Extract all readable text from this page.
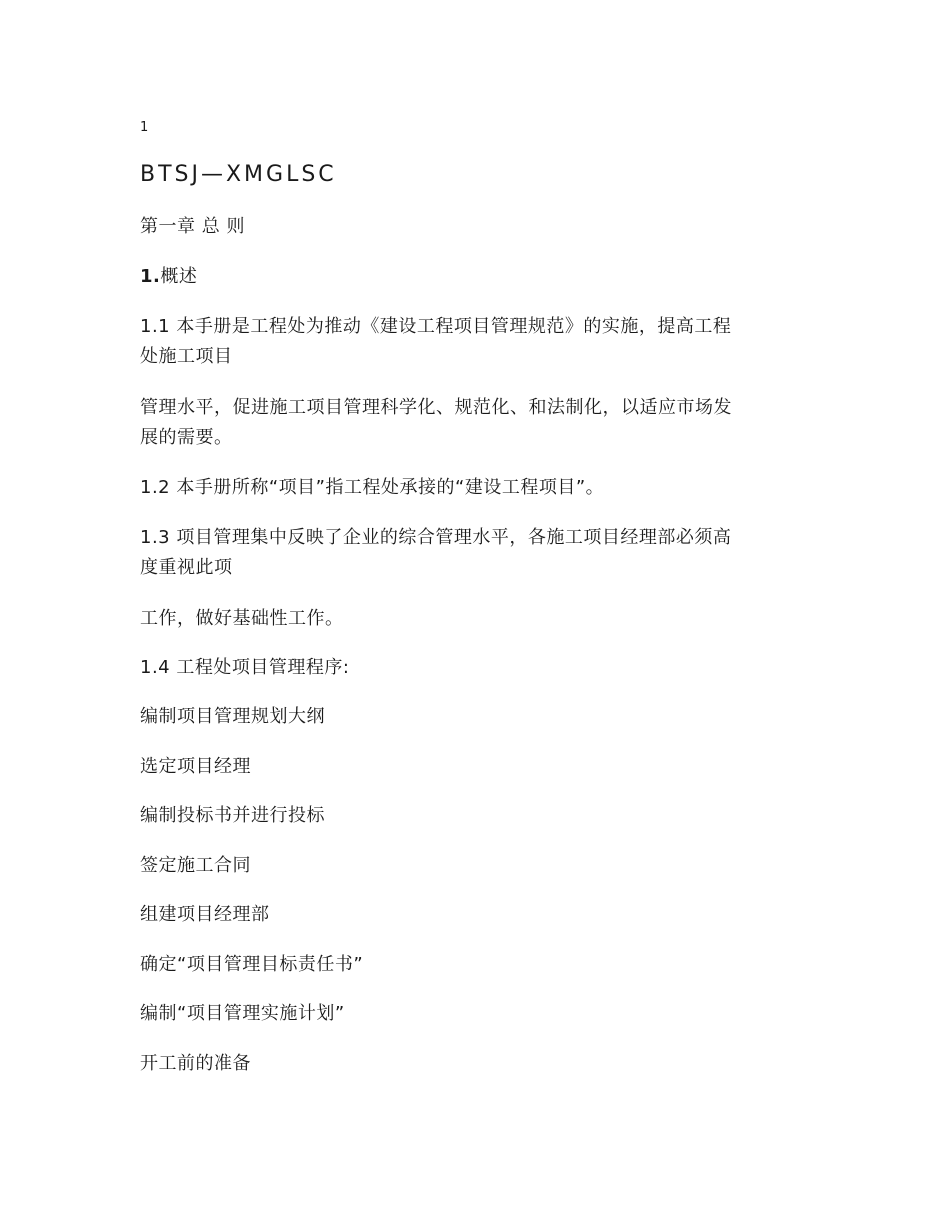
1
BTSJ—XMGLSC
第一章 总 则
1.概述
1.1 本手册是工程处为推动《建设工程项目管理规范》的实施，提高工程
处施工项目
管理水平，促进施工项目管理科学化、规范化、和法制化，以适应市场发
展的需要。
1.2 本手册所称“项目”指工程处承接的“建设工程项目”。
1.3 项目管理集中反映了企业的综合管理水平，各施工项目经理部必须高
度重视此项
工作，做好基础性工作。
1.4 工程处项目管理程序:
编制项目管理规划大纲
选定项目经理
编制投标书并进行投标
签定施工合同
组建项目经理部
确定“项目管理目标责任书”
编制“项目管理实施计划”
开工前的准备
